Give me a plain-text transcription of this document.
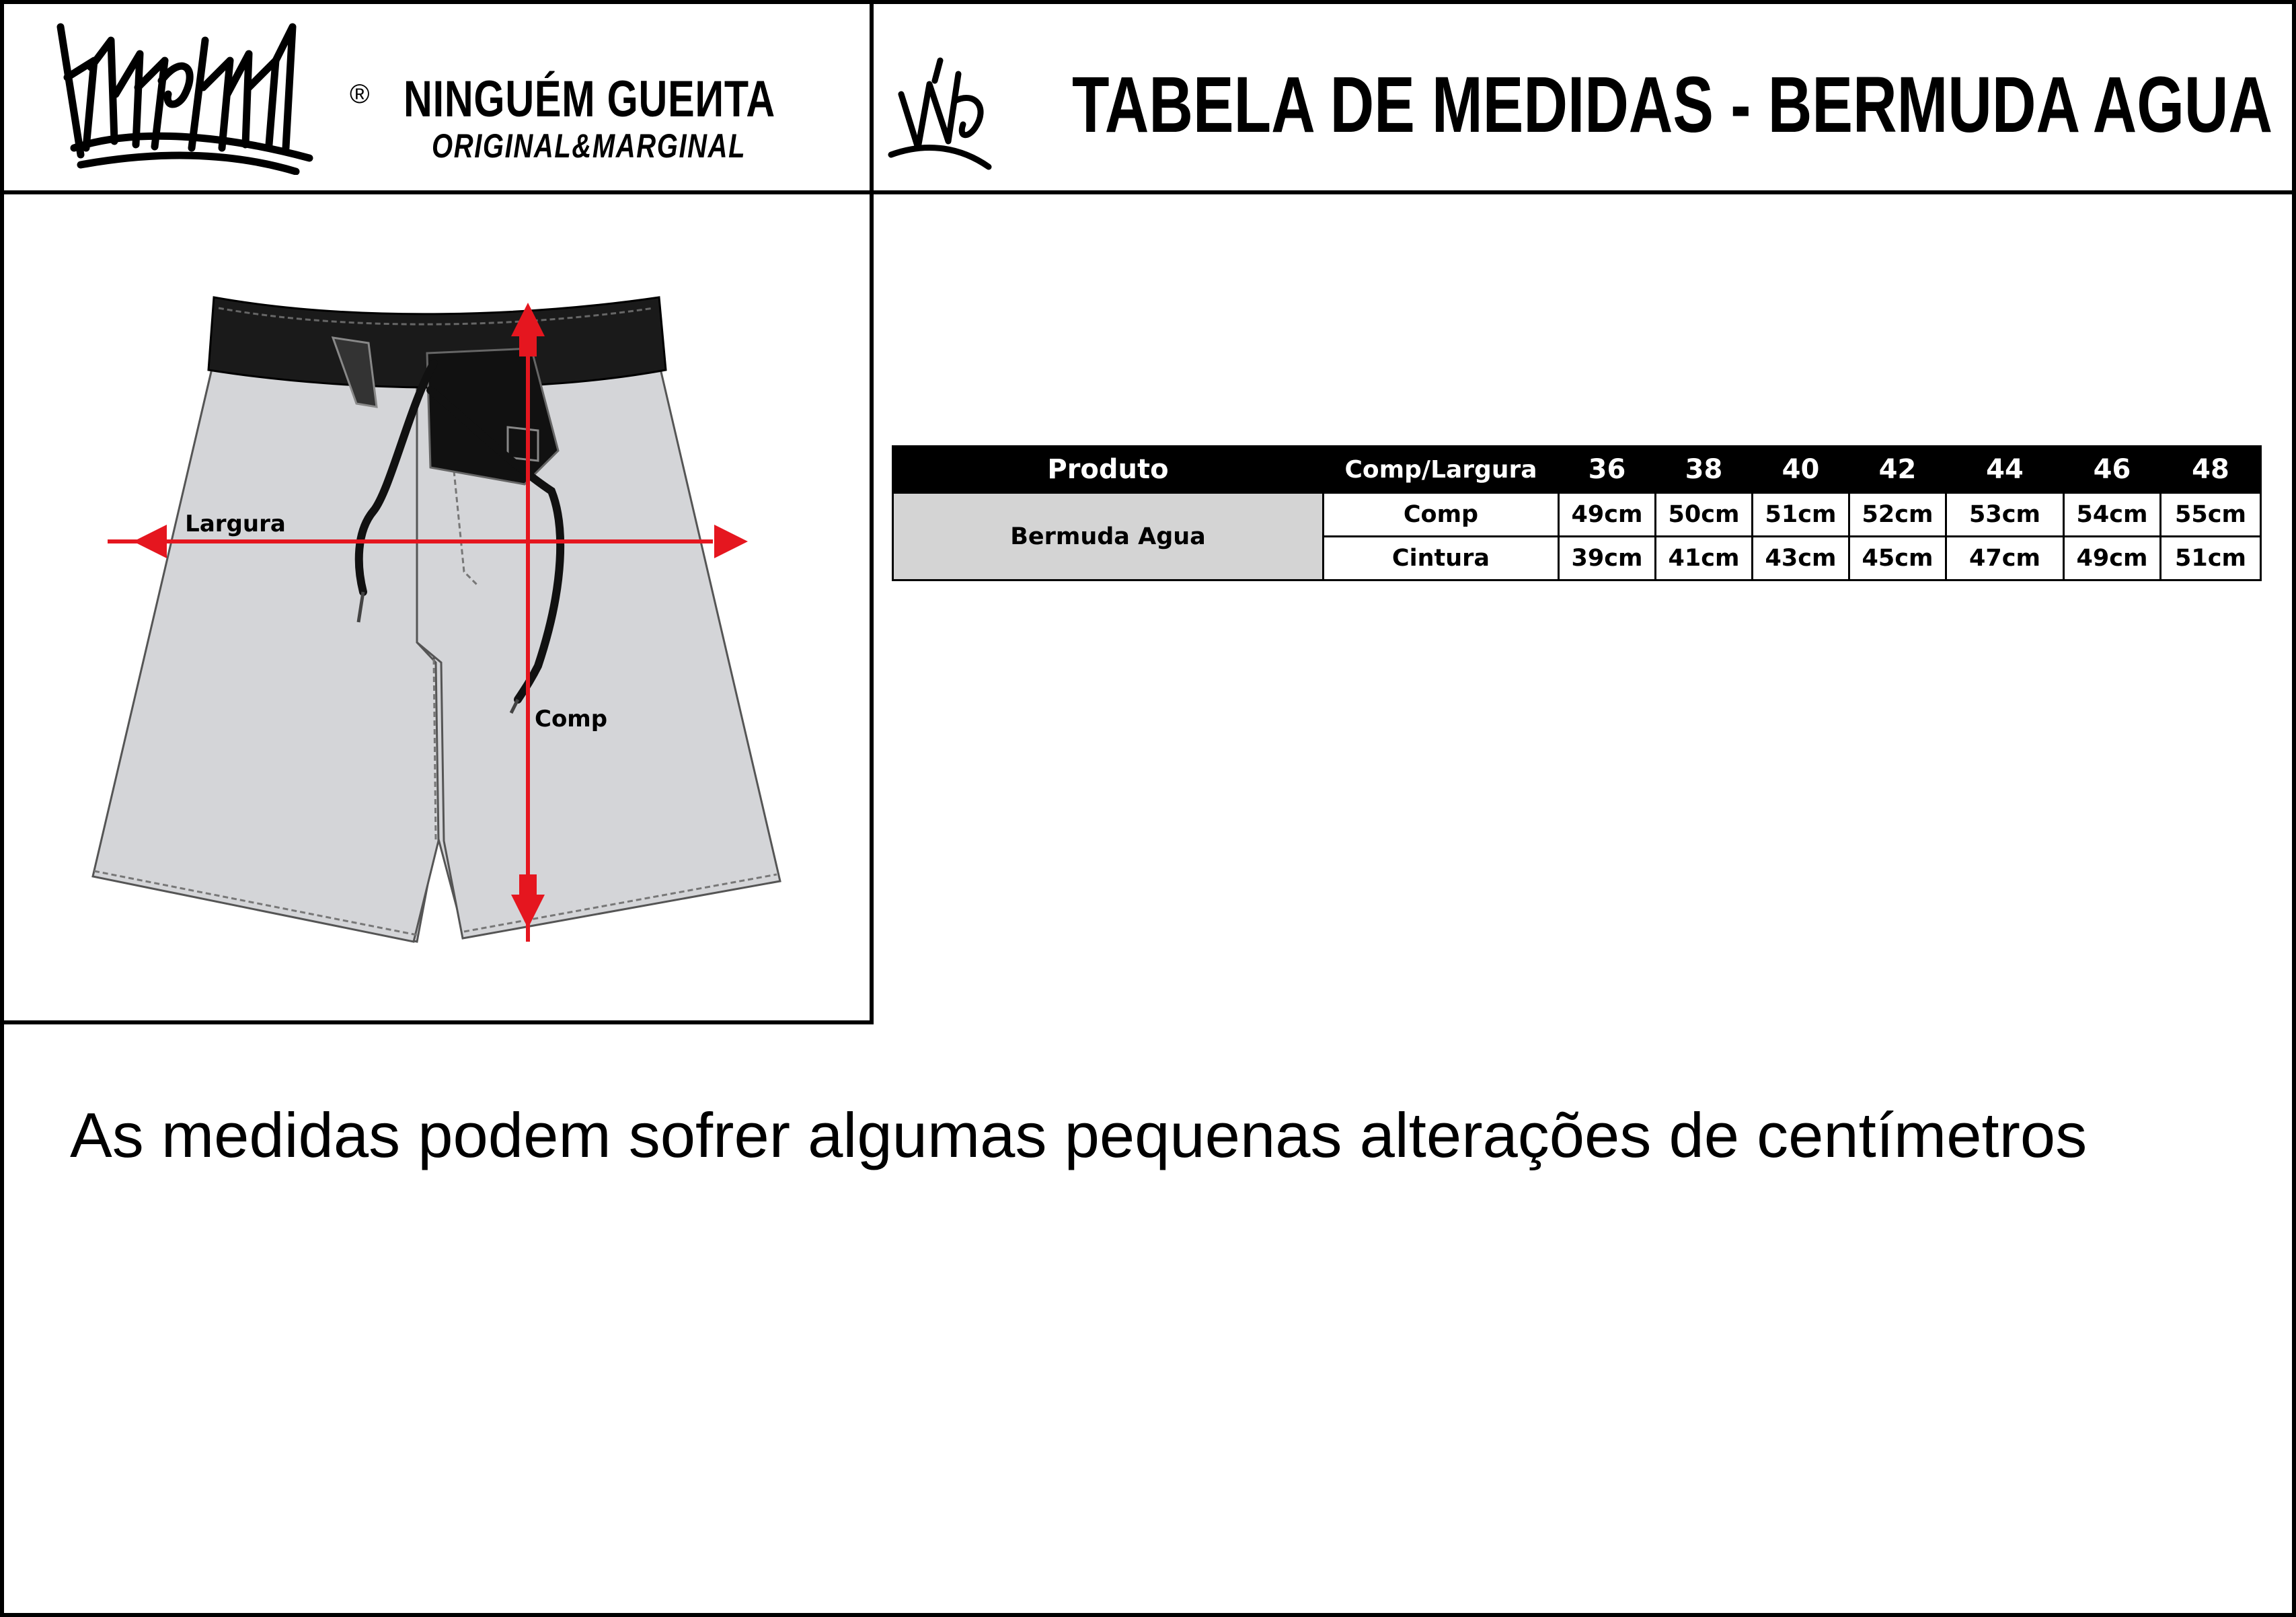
® NINGUÉM GUEИTA
ORIGINAL&MARGINAL	TABELA DE MEDIDAS - BERMUDA AGUA
Largura
Comp
Produto	Comp/Largura	36	38	40	42	44	46	48
Bermuda Agua	Comp	49cm	50cm	51cm	52cm	53cm	54cm	55cm
	Cintura	39cm	41cm	43cm	45cm	47cm	49cm	51cm
As medidas podem sofrer algumas pequenas alterações de centímetros
